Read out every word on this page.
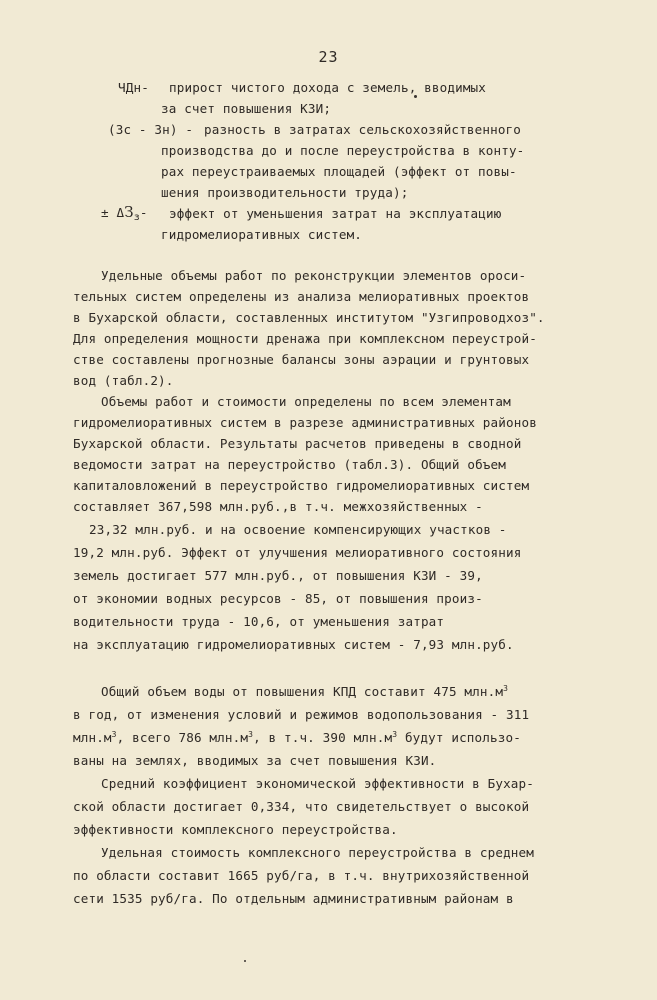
23
ЧДн- прирост чистого дохода с земель, вводимых
за счет повышения КЗИ;
(Зс - Зн) - разность в затратах сельскохозяйственного
производства до и после переустройства в конту-
рах переустраиваемых площадей (эффект от повы-
шения производительности труда);
± $\Delta З_з-$ эффект от уменьшения затрат на эксплуатацию
гидромелиоративных систем.
Удельные объемы работ по реконструкции элементов ороси-
тельных систем определены из анализа мелиоративных проектов
в Бухарской области, составленных институтом "Узгипроводхоз".
Для определения мощности дренажа при комплексном переустрой-
стве составлены прогнозные балансы зоны аэрации и грунтовых
вод (табл.2).
Объемы работ и стоимости определены по всем элементам
гидромелиоративных систем в разрезе административных районов
Бухарской области. Результаты расчетов приведены в сводной
ведомости затрат на переустройство (табл.3). Общий объем
капиталовложений в переустройство гидромелиоративных систем
составляет 367,598 млн.руб.,в т.ч. межхозяйственных -
23,32 млн.руб. и на освоение компенсирующих участков -
19,2 млн.руб. Эффект от улучшения мелиоративного состояния
земель достигает 577 млн.руб., от повышения КЗИ - 39,
от экономии водных ресурсов - 85, от повышения произ-
водительности труда - 10,6, от уменьшения затрат
на эксплуатацию гидромелиоративных систем - 7,93 млн.руб.
Общий объем воды от повышения КПД составит 475 $млн.м^3$
в год, от изменения условий и режимов водопользования - 311
$млн.м^3$, всего 786 $млн.м^3$, в т.ч. 390 $млн.м^3$ будут использо-
ваны на землях, вводимых за счет повышения КЗИ.
Средний коэффициент экономической эффективности в Бухар-
ской области достигает 0,334, что свидетельствует о высокой
эффективности комплексного переустройства.
Удельная стоимость комплексного переустройства в среднем
по области составит 1665 руб/га, в т.ч. внутрихозяйственной
сети 1535 руб/га. По отдельным административным районам в
